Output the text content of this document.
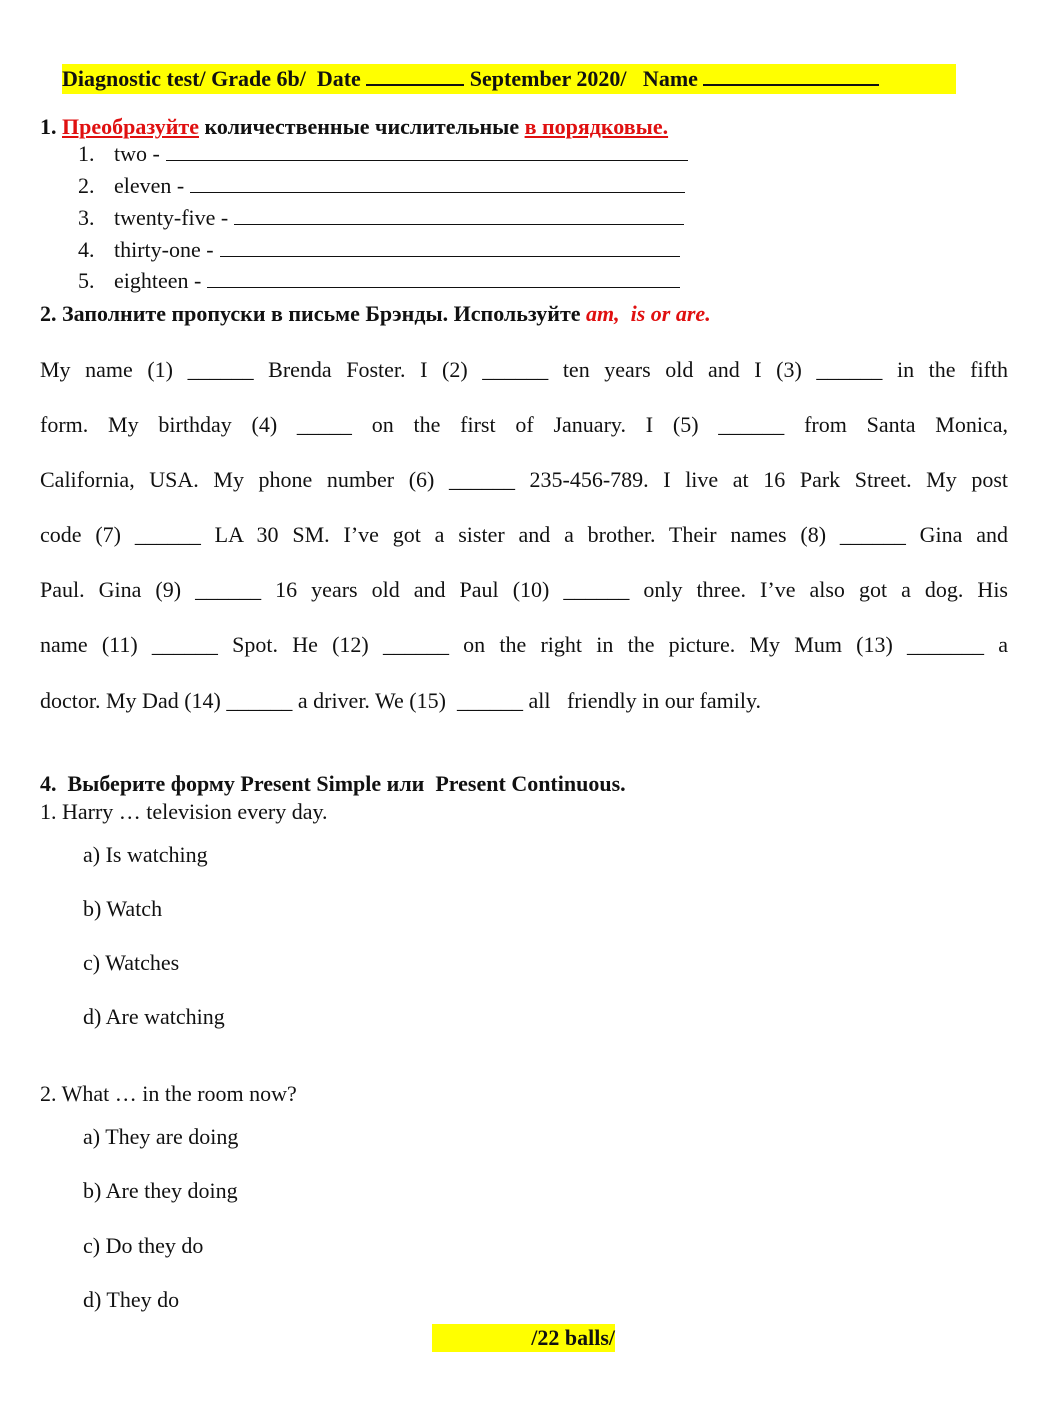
Diagnostic test/ Grade 6b/  Date	September 2020/   Name
1. Преобразуйте количественные числительные в порядковые.
1. two -
2. eleven -
3. twenty-five -
4. thirty-one -
5. eighteen -
2. Заполните пропуски в письме Брэнды. Используйте am,  is or are.
My name (1) ______ Brenda Foster. I (2) ______ ten years old and I (3) ______ in the fifth
form. My birthday (4) _____ on the first of January. I (5) ______ from Santa Monica,
California, USA. My phone number (6) ______ 235-456-789. I live at 16 Park Street. My post
code (7) ______ LA 30 SM. I’ve got a sister and a brother. Their names (8) ______ Gina and
Paul. Gina (9) ______ 16 years old and Paul (10) ______ only three. I’ve also got a dog. His
name (11) ______ Spot. He (12) ______ on the right in the picture. My Mum (13) _______ a
doctor. My Dad (14) ______ a driver. We (15)  ______ all   friendly in our family.
4.  Выберите форму Present Simple или  Present Continuous.
1. Harry … television every day.
a) Is watching
b) Watch
c) Watches
d) Are watching
2. What … in the room now?
a) They are doing
b) Are they doing
c) Do they do
d) They do
/22 balls/
